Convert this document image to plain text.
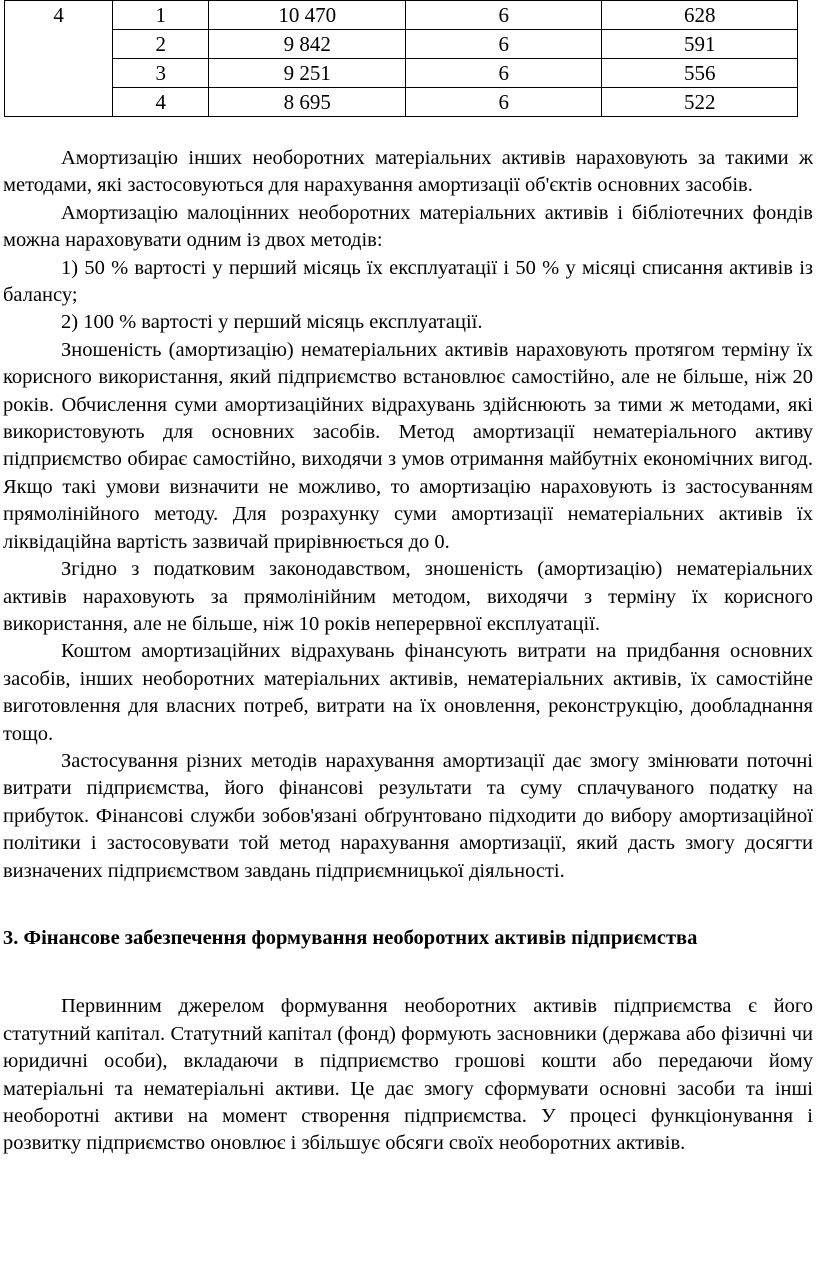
4	1	10 470	6	628
	2	9 842	6	591
	3	9 251	6	556
	4	8 695	6	522

Амортизацію інших необоротних матеріальних активів нараховують за такими ж методами, які застосовуються для нарахування амортизації об'єктів основних засобів.

Амортизацію малоцінних необоротних матеріальних активів і бібліотечних фондів можна нараховувати одним із двох методів:

1) 50 % вартості у перший місяць їх експлуатації і 50 % у місяці списання активів із балансу;

2) 100 % вартості у перший місяць експлуатації.

Зношеність (амортизацію) нематеріальних активів нараховують протягом терміну їх корисного використання, який підприємство встановлює самостійно, але не більше, ніж 20 років. Обчислення суми амортизаційних відрахувань здійснюють за тими ж методами, які використовують для основних засобів. Метод амортизації нематеріального активу підприємство обирає самостійно, виходячи з умов отримання майбутніх економічних вигод. Якщо такі умови визначити не можливо, то амортизацію нараховують із застосуванням прямолінійного методу. Для розрахунку суми амортизації нематеріальних активів їх ліквідаційна вартість зазвичай прирівнюється до 0.

Згідно з податковим законодавством, зношеність (амортизацію) нематеріальних активів нараховують за прямолінійним методом, виходячи з терміну їх корисного використання, але не більше, ніж 10 років неперервної експлуатації.

Коштом амортизаційних відрахувань фінансують витрати на придбання основних засобів, інших необоротних матеріальних активів, нематеріальних активів, їх самостійне виготовлення для власних потреб, витрати на їх оновлення, реконструкцію, дообладнання тощо.

Застосування різних методів нарахування амортизації дає змогу змінювати поточні витрати підприємства, його фінансові результати та суму сплачуваного податку на прибуток. Фінансові служби зобов'язані обґрунтовано підходити до вибору амортизаційної політики і застосовувати той метод нарахування амортизації, який дасть змогу досягти визначених підприємством завдань підприємницької діяльності.

3. Фінансове забезпечення формування необоротних активів підприємства

Первинним джерелом формування необоротних активів підприємства є його статутний капітал. Статутний капітал (фонд) формують засновники (держава або фізичні чи юридичні особи), вкладаючи в підприємство грошові кошти або передаючи йому матеріальні та нематеріальні активи. Це дає змогу сформувати основні засоби та інші необоротні активи на момент створення підприємства. У процесі функціонування і розвитку підприємство оновлює і збільшує обсяги своїх необоротних активів.
